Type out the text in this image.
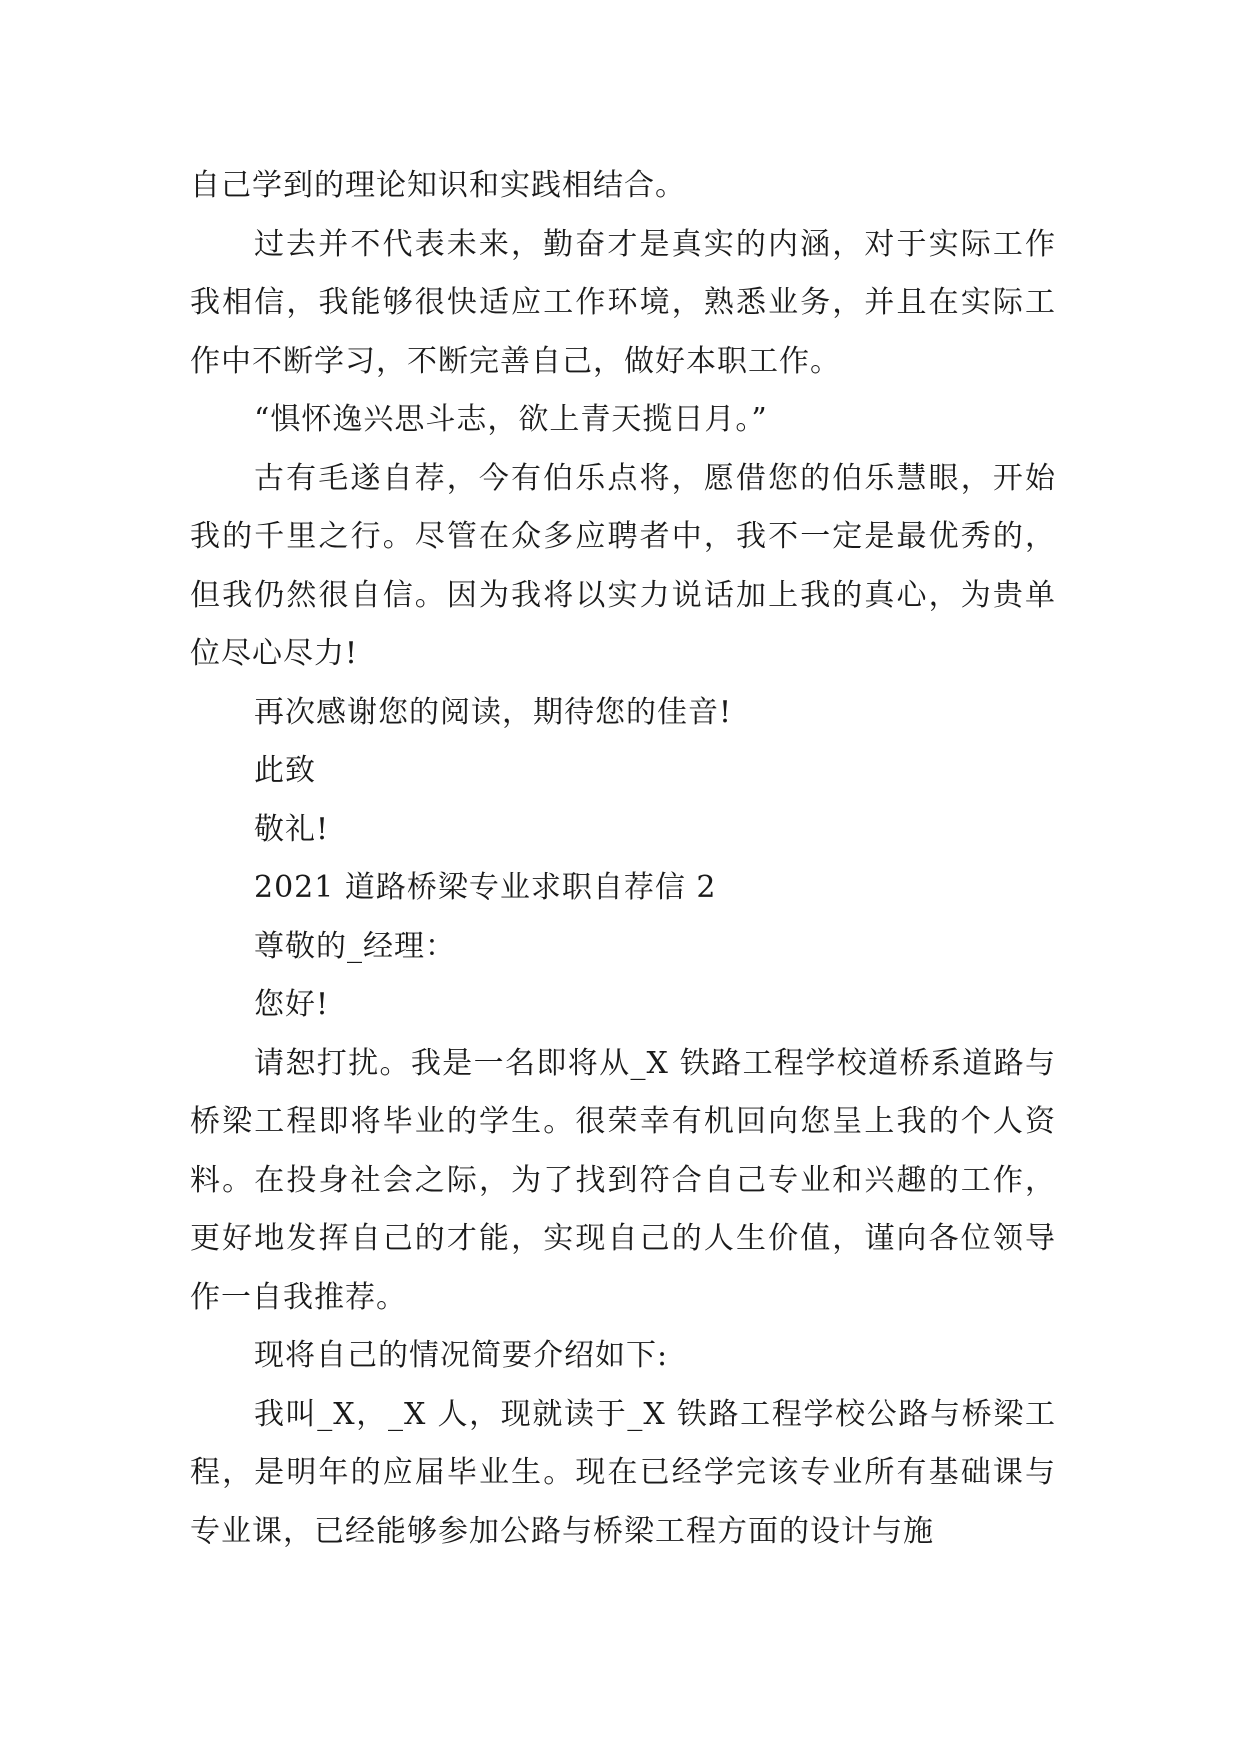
自己学到的理论知识和实践相结合。

过去并不代表未来，勤奋才是真实的内涵，对于实际工作我相信，我能够很快适应工作环境，熟悉业务，并且在实际工作中不断学习，不断完善自己，做好本职工作。

“惧怀逸兴思斗志，欲上青天揽日月。”

古有毛遂自荐，今有伯乐点将，愿借您的伯乐慧眼，开始我的千里之行。尽管在众多应聘者中，我不一定是最优秀的，但我仍然很自信。因为我将以实力说话加上我的真心，为贵单位尽心尽力!

再次感谢您的阅读，期待您的佳音!

此致

敬礼!

2021 道路桥梁专业求职自荐信 2

尊敬的_经理：

您好!

请恕打扰。我是一名即将从_X 铁路工程学校道桥系道路与桥梁工程即将毕业的学生。很荣幸有机回向您呈上我的个人资料。在投身社会之际，为了找到符合自己专业和兴趣的工作，更好地发挥自己的才能，实现自己的人生价值，谨向各位领导作一自我推荐。

现将自己的情况简要介绍如下:

我叫_X，_X 人，现就读于_X 铁路工程学校公路与桥梁工程，是明年的应届毕业生。现在已经学完该专业所有基础课与专业课，已经能够参加公路与桥梁工程方面的设计与施
